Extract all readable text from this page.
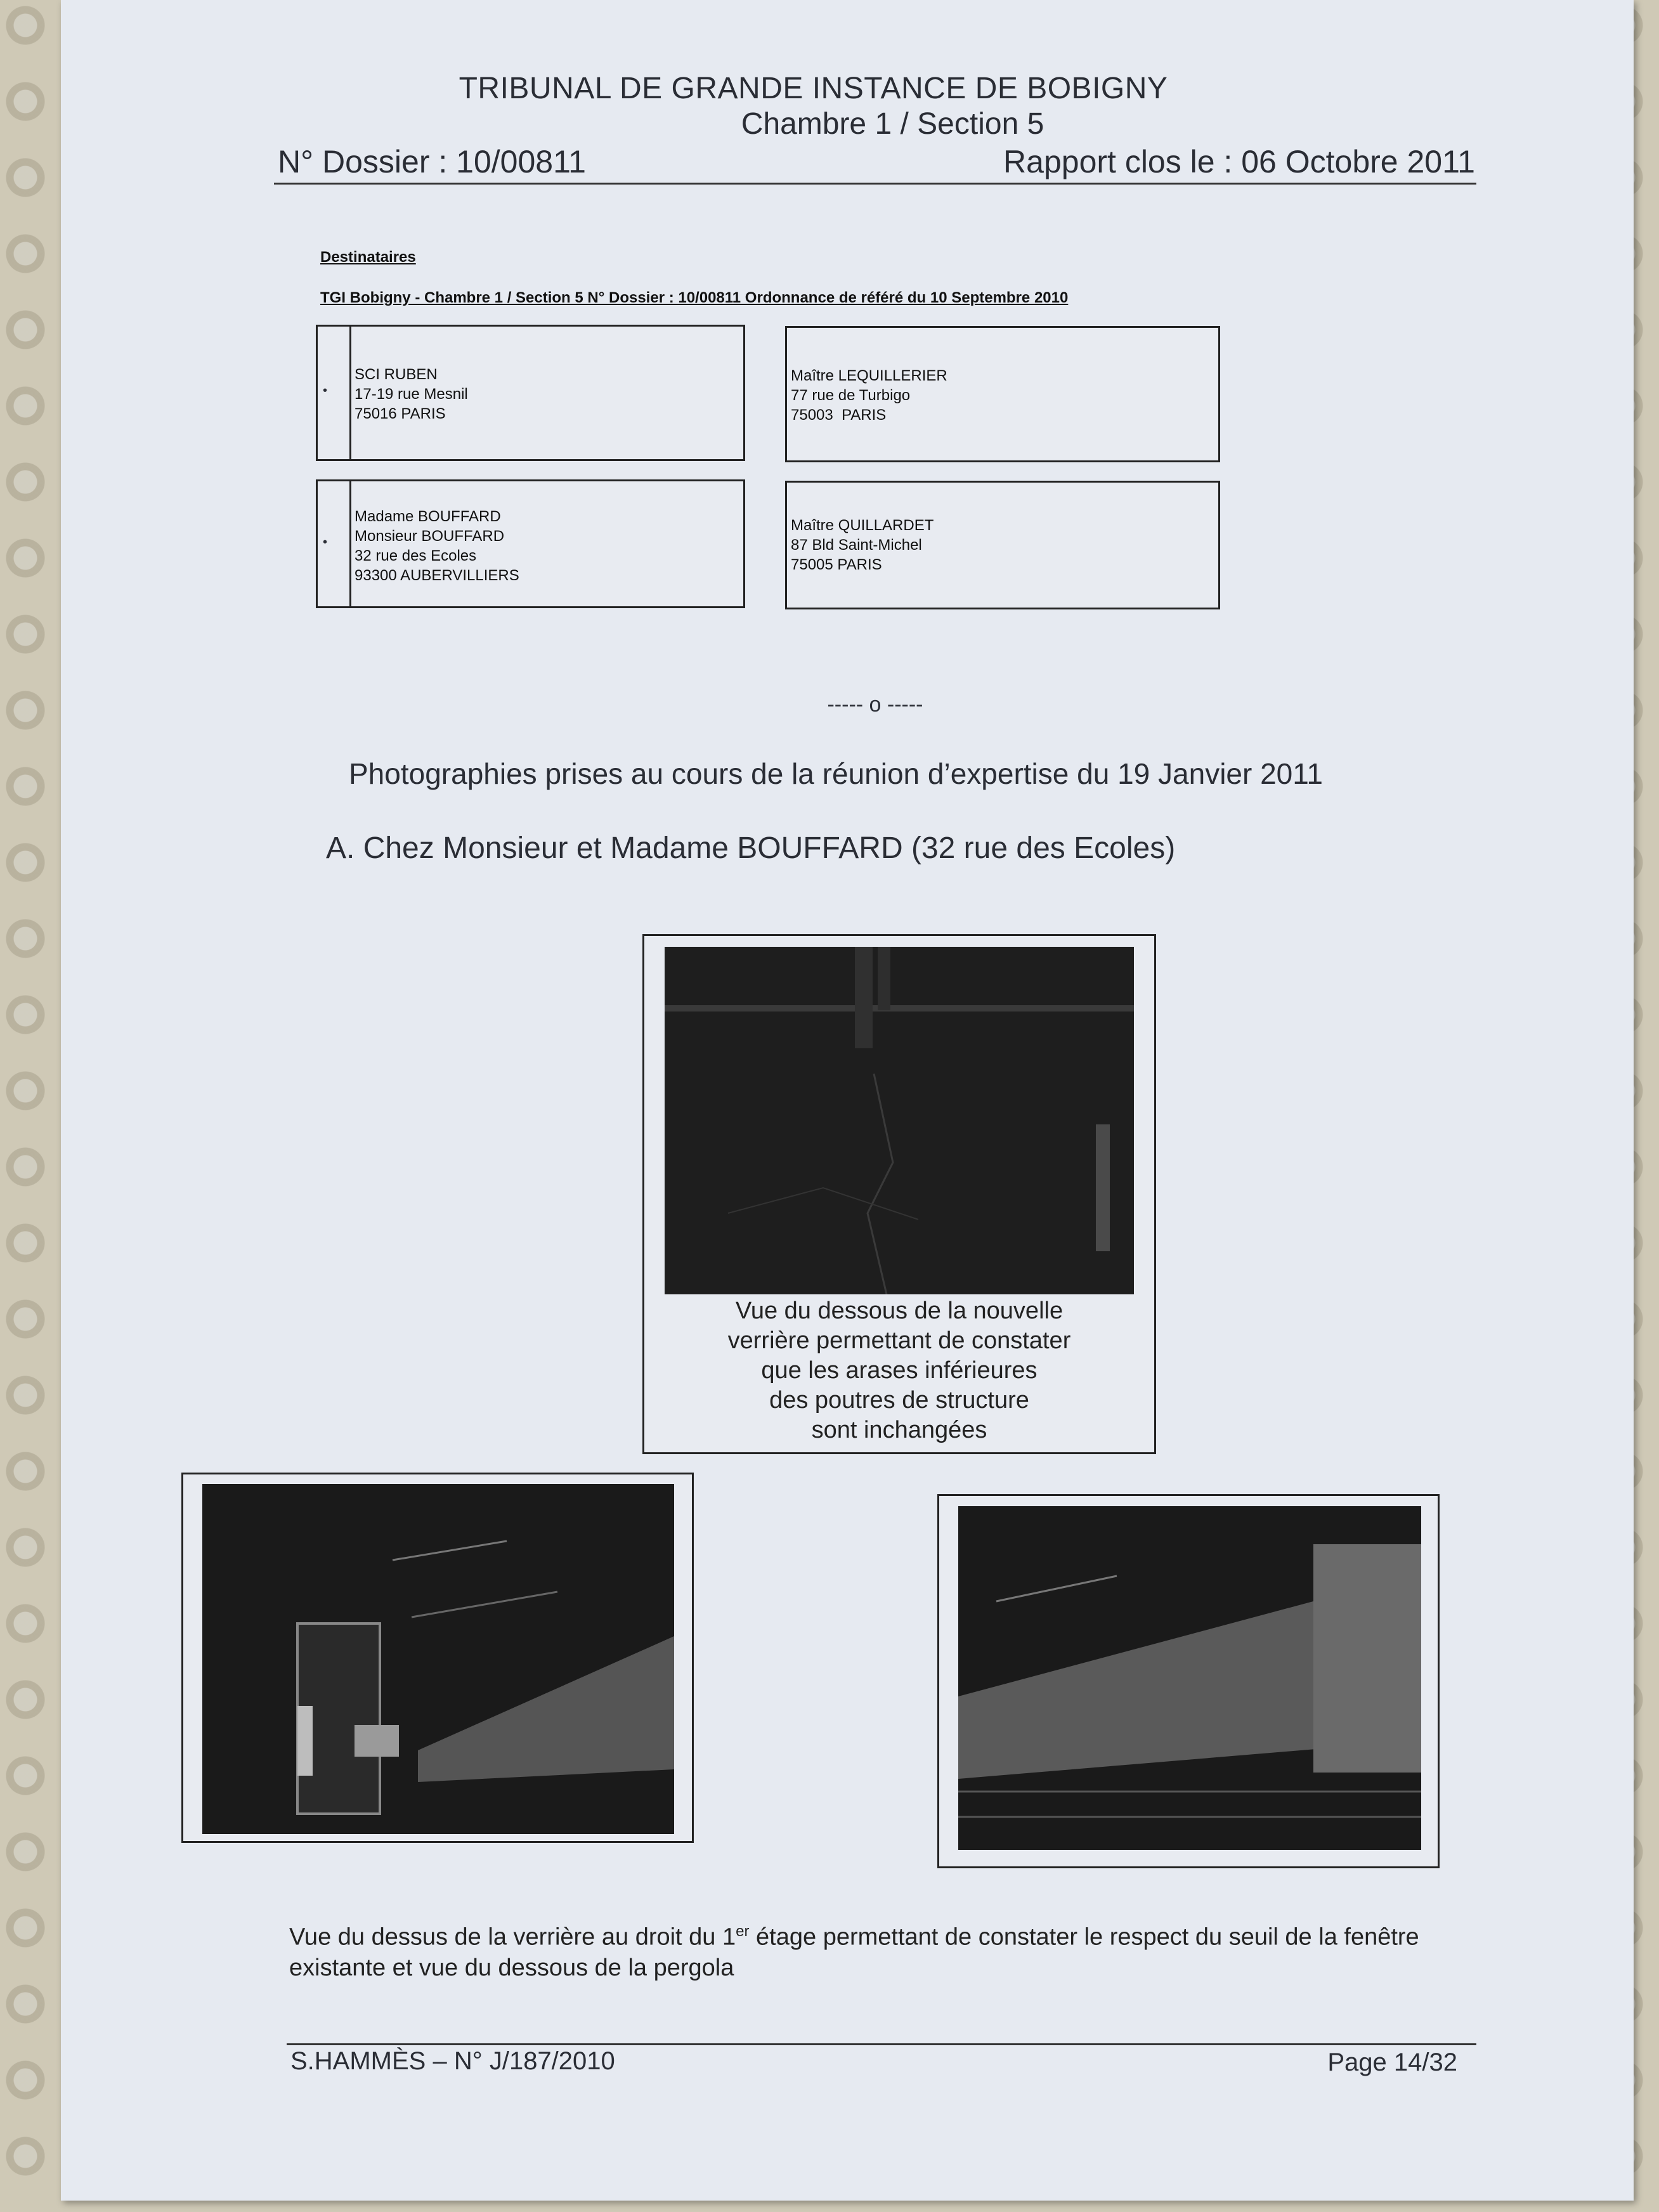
TRIBUNAL DE GRANDE INSTANCE DE BOBIGNY
Chambre 1 / Section 5
N° Dossier : 10/00811	Rapport clos le : 06 Octobre 2011
Destinataires
TGI Bobigny - Chambre 1 / Section 5 N° Dossier : 10/00811 Ordonnance de référé du 10 Septembre 2010
•
SCI RUBEN
17-19 rue Mesnil
75016 PARIS
Maître LEQUILLERIER
77 rue de Turbigo
75003  PARIS
•
Madame BOUFFARD
Monsieur BOUFFARD
32 rue des Ecoles
93300 AUBERVILLIERS
Maître QUILLARDET
87 Bld Saint-Michel
75005 PARIS
----- o -----
Photographies prises au cours de la réunion d’expertise du 19 Janvier 2011
A. Chez Monsieur et Madame BOUFFARD (32 rue des Ecoles)
Vue du dessous de la nouvelle
verrière permettant de constater
que les arases inférieures
des poutres de structure
sont inchangées
Vue du dessus de la verrière au droit du 1er étage permettant de constater le respect du seuil de la fenêtre existante et vue du dessous de la pergola
S.HAMMÈS – N° J/187/2010	Page 14/32
